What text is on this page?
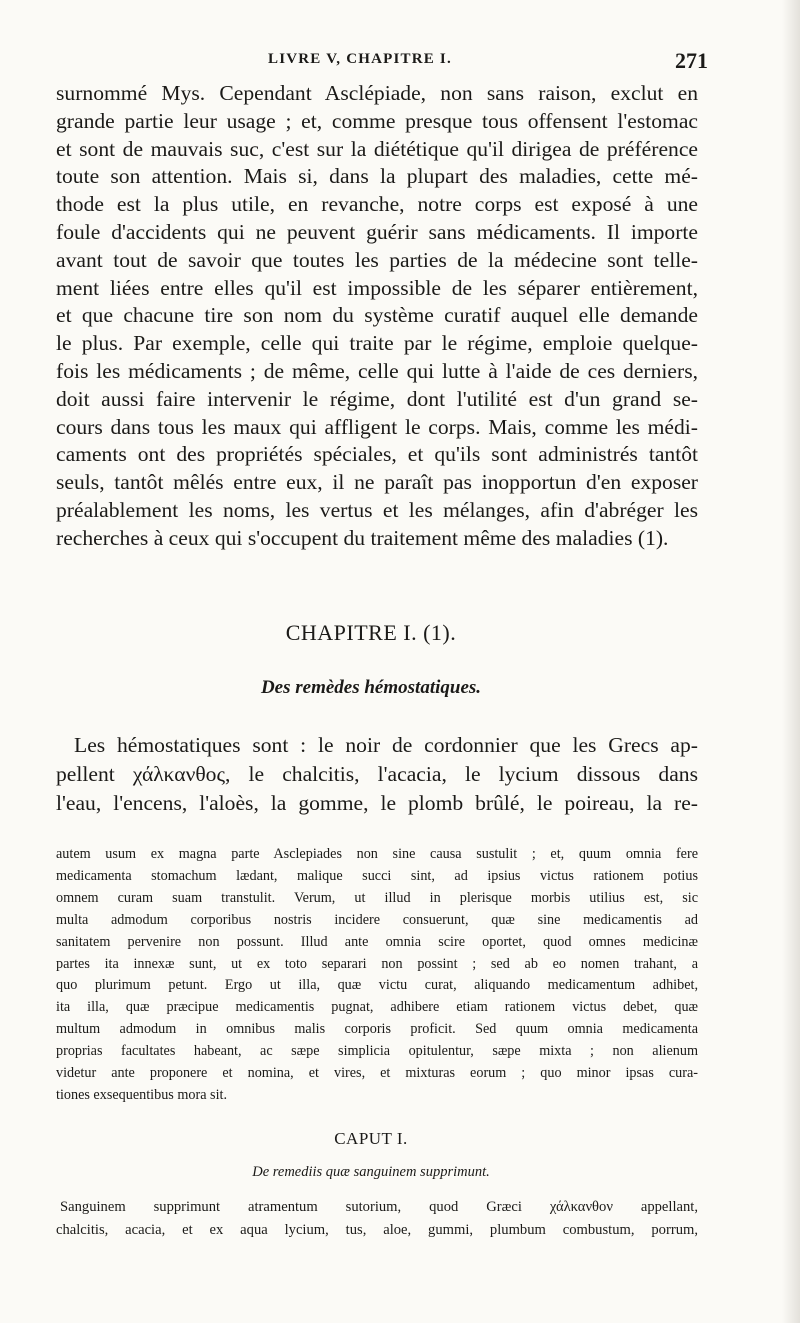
LIVRE V, CHAPITRE I.	271

surnommé Mys. Cependant Asclépiade, non sans raison, exclut en

grande partie leur usage ; et, comme presque tous offensent l'estomac

et sont de mauvais suc, c'est sur la diététique qu'il dirigea de préférence

toute son attention. Mais si, dans la plupart des maladies, cette mé-

thode est la plus utile, en revanche, notre corps est exposé à une

foule d'accidents qui ne peuvent guérir sans médicaments. Il importe

avant tout de savoir que toutes les parties de la médecine sont telle-

ment liées entre elles qu'il est impossible de les séparer entièrement,

et que chacune tire son nom du système curatif auquel elle demande

le plus. Par exemple, celle qui traite par le régime, emploie quelque-

fois les médicaments ; de même, celle qui lutte à l'aide de ces derniers,

doit aussi faire intervenir le régime, dont l'utilité est d'un grand se-

cours dans tous les maux qui affligent le corps. Mais, comme les médi-

caments ont des propriétés spéciales, et qu'ils sont administrés tantôt

seuls, tantôt mêlés entre eux, il ne paraît pas inopportun d'en exposer

préalablement les noms, les vertus et les mélanges, afin d'abréger les

recherches à ceux qui s'occupent du traitement même des maladies (1).

CHAPITRE I. (1).
Des remèdes hémostatiques.

Les hémostatiques sont : le noir de cordonnier que les Grecs ap-

pellent χάλκανθος, le chalcitis, l'acacia, le lycium dissous dans

l'eau, l'encens, l'aloès, la gomme, le plomb brûlé, le poireau, la re-

autem usum ex magna parte Asclepiades non sine causa sustulit ; et, quum omnia fere

medicamenta stomachum lædant, malique succi sint, ad ipsius victus rationem potius

omnem curam suam transtulit. Verum, ut illud in plerisque morbis utilius est, sic

multa admodum corporibus nostris incidere consuerunt, quæ sine medicamentis ad

sanitatem pervenire non possunt. Illud ante omnia scire oportet, quod omnes medicinæ

partes ita innexæ sunt, ut ex toto separari non possint ; sed ab eo nomen trahant, a

quo plurimum petunt. Ergo ut illa, quæ victu curat, aliquando medicamentum adhibet,

ita illa, quæ præcipue medicamentis pugnat, adhibere etiam rationem victus debet, quæ

multum admodum in omnibus malis corporis proficit. Sed quum omnia medicamenta

proprias facultates habeant, ac sæpe simplicia opitulentur, sæpe mixta ; non alienum

videtur ante proponere et nomina, et vires, et mixturas eorum ; quo minor ipsas cura-

tiones exsequentibus mora sit.

CAPUT I.
De remediis quæ sanguinem supprimunt.

Sanguinem supprimunt atramentum sutorium, quod Græci χάλκανθον appellant,

chalcitis, acacia, et ex aqua lycium, tus, aloe, gummi, plumbum combustum, porrum,
